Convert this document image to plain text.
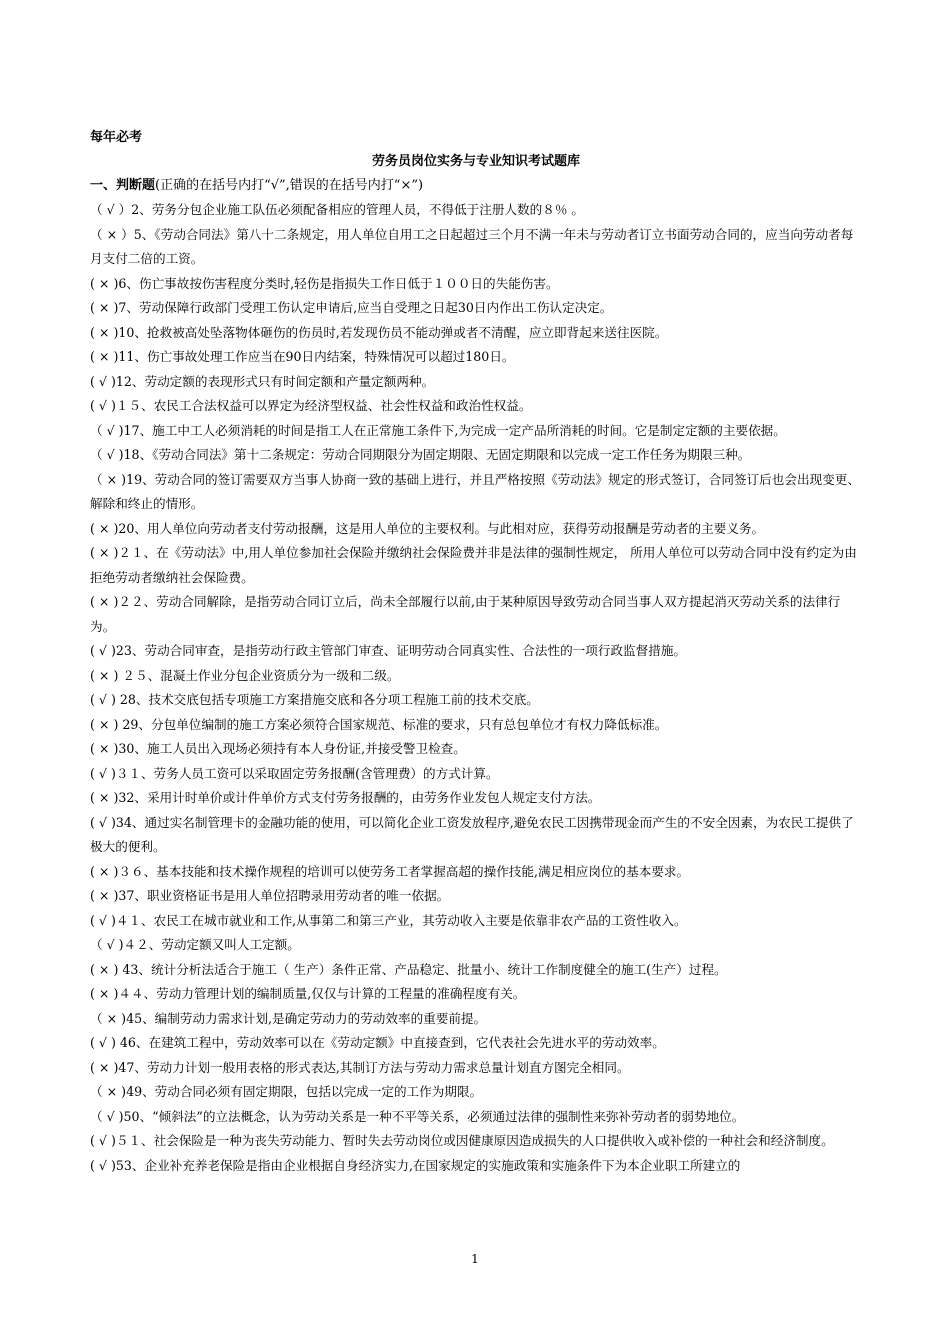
每年必考
劳务员岗位实务与专业知识考试题库
一、判断题(正确的在括号内打“√”,错误的在括号内打“×”)
（ √ ）2、劳务分包企业施工队伍必须配备相应的管理人员，不得低于注册人数的８％ 。
（ × ）5、《劳动合同法》第八十二条规定，用人单位自用工之日起超过三个月不满一年未与劳动者订立书面劳动合同的，应当向劳动者每月支付二倍的工资。
( × )6、伤亡事故按伤害程度分类时,轻伤是指损失工作日低于１００日的失能伤害。
( × )7、劳动保障行政部门受理工伤认定申请后,应当自受理之日起30日内作出工伤认定决定。
( × )10、抢救被高处坠落物体砸伤的伤员时,若发现伤员不能动弹或者不清醒，应立即背起来送往医院。
( × )11、伤亡事故处理工作应当在90日内结案，特殊情况可以超过180日。
( √ )12、劳动定额的表现形式只有时间定额和产量定额两种。
( √ )１５、农民工合法权益可以界定为经济型权益、社会性权益和政治性权益。
（ √ )17、施工中工人必须消耗的时间是指工人在正常施工条件下,为完成一定产品所消耗的时间。它是制定定额的主要依据。
（ √ )18、《劳动合同法》第十二条规定：劳动合同期限分为固定期限、无固定期限和以完成一定工作任务为期限三种。
（ × )19、劳动合同的签订需要双方当事人协商一致的基础上进行，并且严格按照《劳动法》规定的形式签订，合同签订后也会出现变更、解除和终止的情形。
( × )20、用人单位向劳动者支付劳动报酬，这是用人单位的主要权利。与此相对应，获得劳动报酬是劳动者的主要义务。
( × )２１、在《劳动法》中,用人单位参加社会保险并缴纳社会保险费并非是法律的强制性规定， 所用人单位可以劳动合同中没有约定为由拒绝劳动者缴纳社会保险费。
( × )２２、劳动合同解除，是指劳动合同订立后，尚未全部履行以前,由于某种原因导致劳动合同当事人双方提起消灭劳动关系的法律行为。
( √ )23、劳动合同审查，是指劳动行政主管部门审查、证明劳动合同真实性、合法性的一项行政监督措施。
( × ) ２５、混凝土作业分包企业资质分为一级和二级。
( √ ) 28、技术交底包括专项施工方案措施交底和各分项工程施工前的技术交底。
( × ) 29、分包单位编制的施工方案必须符合国家规范、标准的要求，只有总包单位才有权力降低标准。
( × )30、施工人员出入现场必须持有本人身份证,并接受警卫检查。
( √ )３１、劳务人员工资可以采取固定劳务报酬(含管理费）的方式计算。
( × )32、采用计时单价或计件单价方式支付劳务报酬的，由劳务作业发包人规定支付方法。
( √ )34、通过实名制管理卡的金融功能的使用，可以简化企业工资发放程序,避免农民工因携带现金而产生的不安全因素，为农民工提供了极大的便利。
( × )３６、基本技能和技术操作规程的培训可以使劳务工者掌握高超的操作技能,满足相应岗位的基本要求。
( × )37、职业资格证书是用人单位招聘录用劳动者的唯一依据。
( √ )４１、农民工在城市就业和工作,从事第二和第三产业，其劳动收入主要是依靠非农产品的工资性收入。
（ √ )４２、劳动定额又叫人工定额。
( × ) 43、统计分析法适合于施工（ 生产）条件正常、产品稳定、批量小、统计工作制度健全的施工(生产）过程。
( × )４４、劳动力管理计划的编制质量,仅仅与计算的工程量的准确程度有关。
（ × )45、编制劳动力需求计划,是确定劳动力的劳动效率的重要前提。
( √ ) 46、在建筑工程中，劳动效率可以在《劳动定额》中直接查到，它代表社会先进水平的劳动效率。
( × )47、劳动力计划一般用表格的形式表达,其制订方法与劳动力需求总量计划直方图完全相同。
（ × )49、劳动合同必须有固定期限，包括以完成一定的工作为期限。
（ √ )50、“倾斜法”的立法概念，认为劳动关系是一种不平等关系，必须通过法律的强制性来弥补劳动者的弱势地位。
( √ )５１、社会保险是一种为丧失劳动能力、暂时失去劳动岗位或因健康原因造成损失的人口提供收入或补偿的一种社会和经济制度。
( √ )53、企业补充养老保险是指由企业根据自身经济实力,在国家规定的实施政策和实施条件下为本企业职工所建立的
1
